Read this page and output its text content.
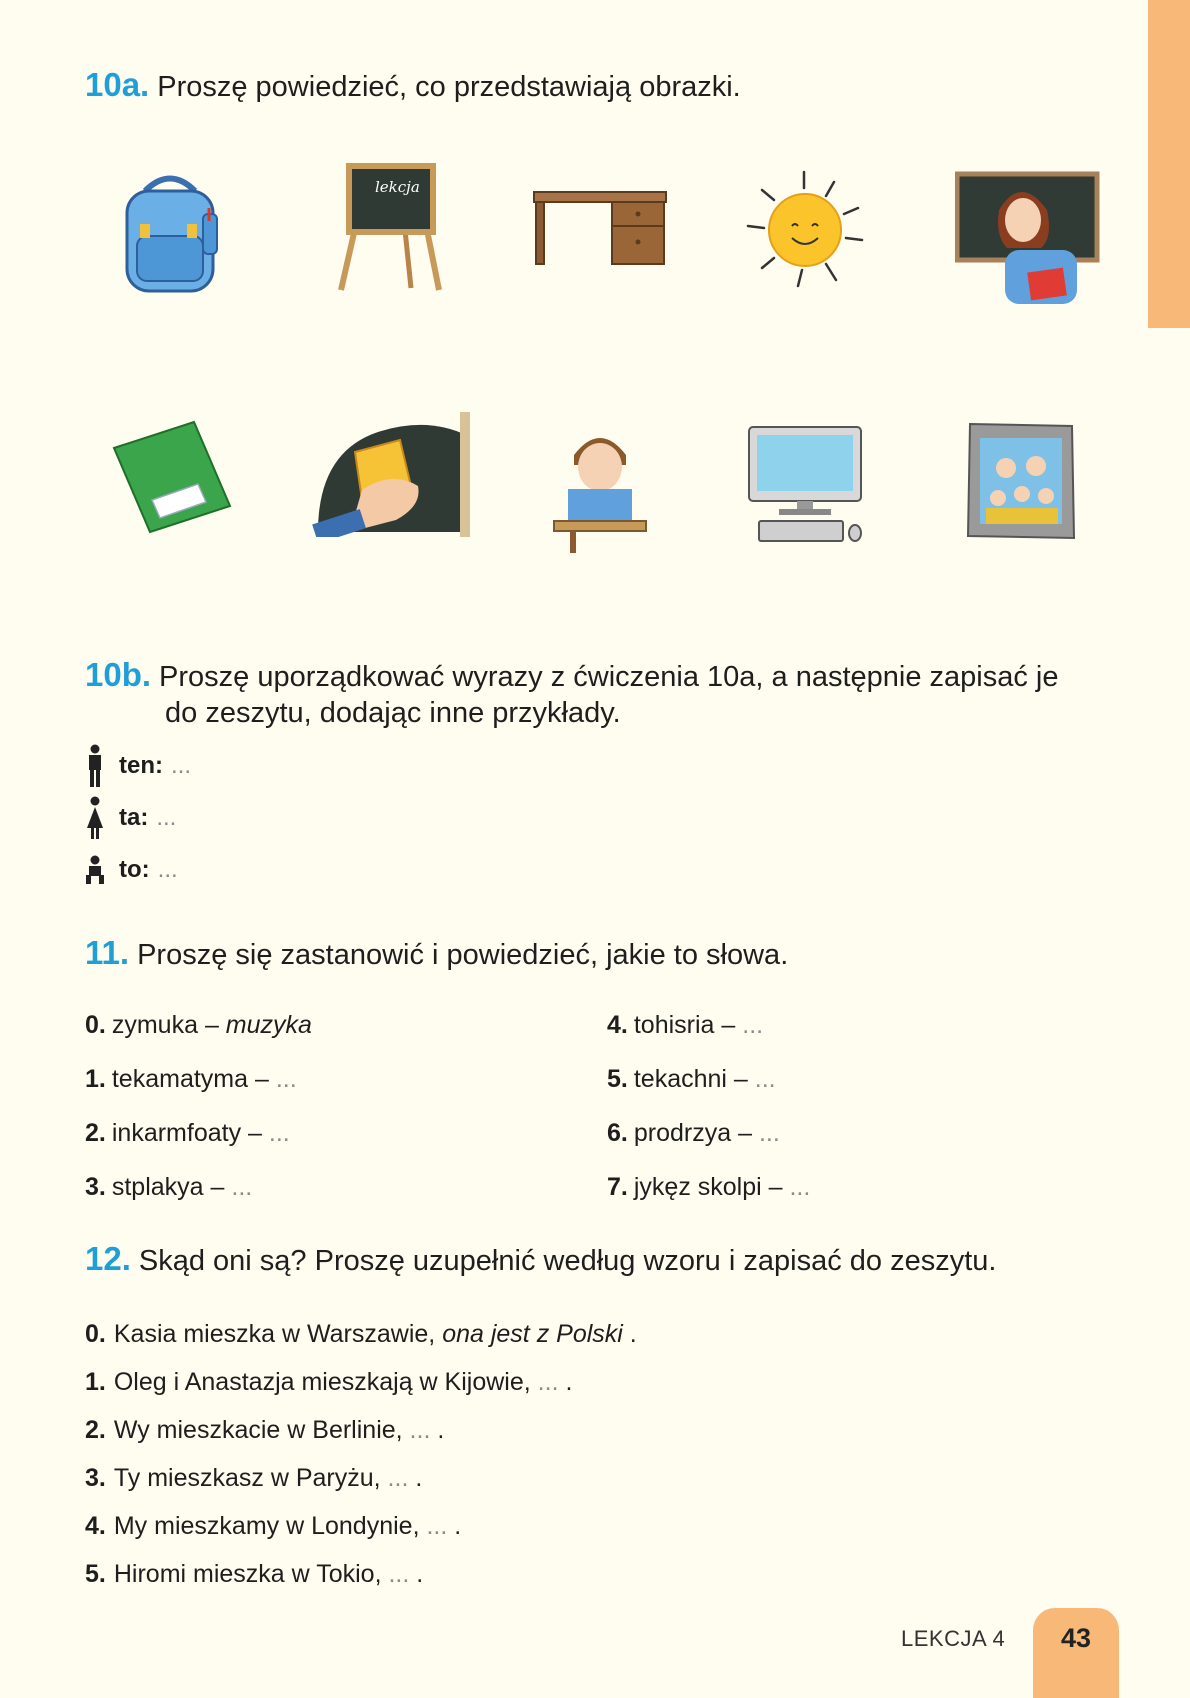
10a. Proszę powiedzieć, co przedstawiają obrazki.
lekcja
10b. Proszę uporządkować wyrazy z ćwiczenia 10a, a następnie zapisać je
do zeszytu, dodając inne przykłady.
ten: ...
ta: ...
to: ...
11. Proszę się zastanowić i powiedzieć, jakie to słowa.
0. zymuka – muzyka
1. tekamatyma – ...
2. inkarmfoaty – ...
3. stplakya – ...
4. tohisria – ...
5. tekachni – ...
6. prodrzya – ...
7. jykęz skolpi – ...
12. Skąd oni są? Proszę uzupełnić według wzoru i zapisać do zeszytu.
0. Kasia mieszka w Warszawie, ona jest z Polski .
1. Oleg i Anastazja mieszkają w Kijowie, ... .
2. Wy mieszkacie w Berlinie, ... .
3. Ty mieszkasz w Paryżu, ... .
4. My mieszkamy w Londynie, ... .
5. Hiromi mieszka w Tokio, ... .
LEKCJA 4	43
